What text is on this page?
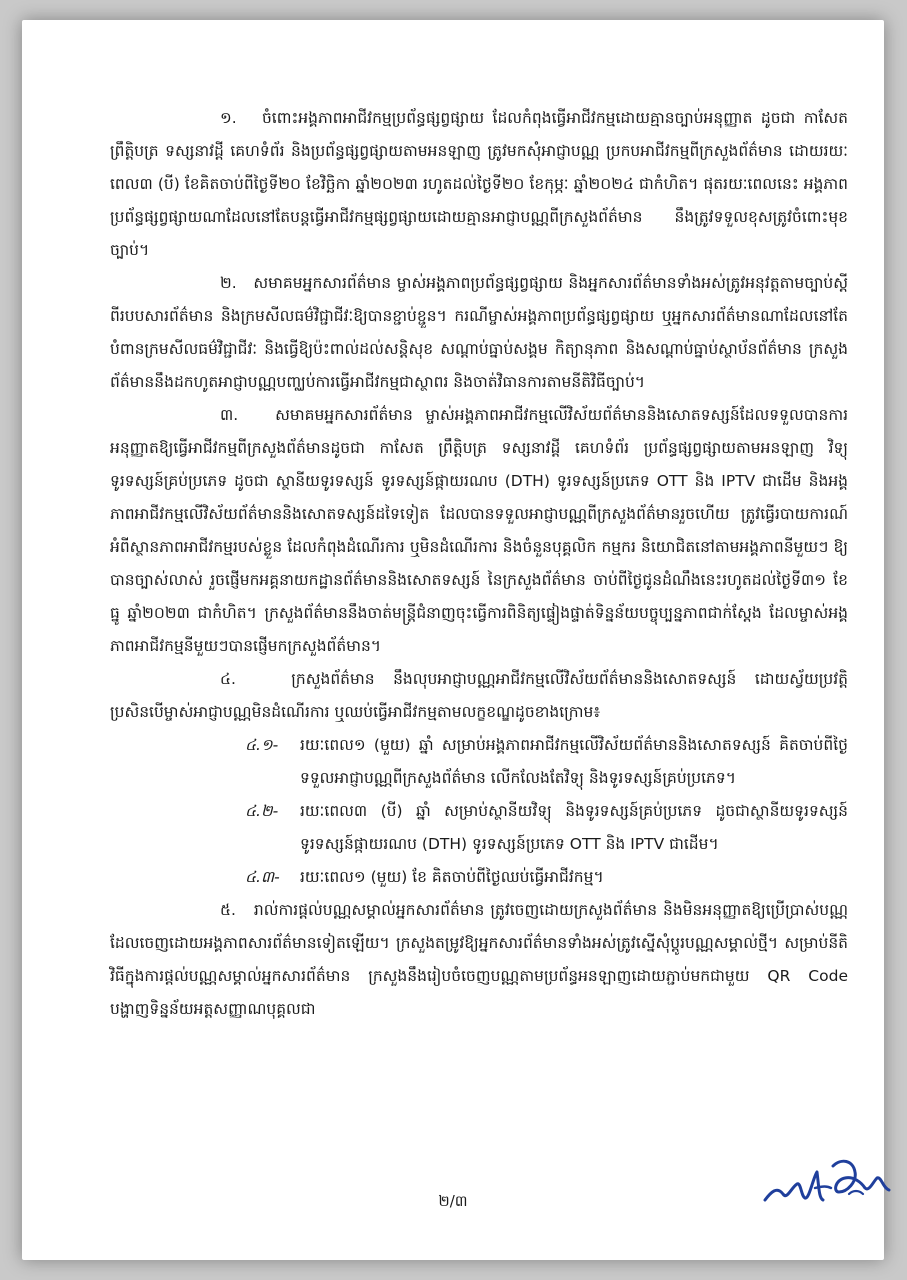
១. ចំពោះអង្គភាពអាជីវកម្មប្រព័ន្ធផ្សព្វផ្សាយ ដែលកំពុងធ្វើអាជីវកម្មដោយគ្មានច្បាប់អនុញ្ញាត ដូចជា កាសែត ព្រឹត្តិបត្រ ទស្សនាវដ្តី គេហទំព័រ និងប្រព័ន្ធផ្សព្វផ្សាយតាមអនឡាញ ត្រូវមកសុំអាជ្ញាបណ្ណ ប្រកបអាជីវកម្មពីក្រសួងព័ត៌មាន ដោយរយៈពេល៣ (បី) ខែគិតចាប់ពីថ្ងៃទី២០ ខែវិច្ឆិកា ឆ្នាំ២០២៣ រហូតដល់ថ្ងៃទី២០ ខែកុម្ភៈ ឆ្នាំ២០២៤ ជាកំហិត។ ផុតរយៈពេលនេះ អង្គភាពប្រព័ន្ធផ្សព្វផ្សាយណាដែលនៅតែបន្តធ្វើអាជីវកម្មផ្សព្វផ្សាយដោយគ្មានអាជ្ញាបណ្ណពីក្រសួងព័ត៌មាន នឹងត្រូវទទួលខុសត្រូវចំពោះមុខច្បាប់។

២. សមាគមអ្នកសារព័ត៌មាន ម្ចាស់អង្គភាពប្រព័ន្ធផ្សព្វផ្សាយ និងអ្នកសារព័ត៌មានទាំងអស់ត្រូវអនុវត្តតាមច្បាប់ស្តីពីរបបសារព័ត៌មាន និងក្រមសីលធម៌វិជ្ជាជីវៈឱ្យបានខ្ជាប់ខ្ជួន។ ករណីម្ចាស់អង្គភាពប្រព័ន្ធផ្សព្វផ្សាយ ឬអ្នកសារព័ត៌មានណាដែលនៅតែបំពានក្រមសីលធម៌វិជ្ជាជីវៈ និងធ្វើឱ្យប៉ះពាល់ដល់សន្តិសុខ សណ្តាប់ធ្នាប់សង្គម កិត្យានុភាព និងសណ្តាប់ធ្នាប់ស្ថាប័នព័ត៌មាន ក្រសួងព័ត៌មាននឹងដកហូតអាជ្ញាបណ្ណបញ្ឈប់ការធ្វើអាជីវកម្មជាស្ថាពរ និងចាត់វិធានការតាមនីតិវិធីច្បាប់។

៣. សមាគមអ្នកសារព័ត៌មាន ម្ចាស់អង្គភាពអាជីវកម្មលើវិស័យព័ត៌មាននិងសោតទស្សន៍ដែលទទួលបានការអនុញ្ញាតឱ្យធ្វើអាជីវកម្មពីក្រសួងព័ត៌មានដូចជា កាសែត ព្រឹត្តិបត្រ ទស្សនាវដ្តី គេហទំព័រ ប្រព័ន្ធផ្សព្វផ្សាយតាមអនឡាញ វិទ្យុ ទូរទស្សន៍គ្រប់ប្រភេទ ដូចជា ស្ថានីយទូរទស្សន៍ ទូរទស្សន៍ផ្កាយរណប (DTH) ទូរទស្សន៍ប្រភេទ OTT និង IPTV ជាដើម និងអង្គភាពអាជីវកម្មលើវិស័យព័ត៌មាននិងសោតទស្សន៍ដទៃទៀត ដែលបានទទួលអាជ្ញាបណ្ណពីក្រសួងព័ត៌មានរួចហើយ ត្រូវធ្វើរបាយការណ៍អំពីស្ថានភាពអាជីវកម្មរបស់ខ្លួន ដែលកំពុងដំណើរការ ឬមិនដំណើរការ និងចំនួនបុគ្គលិក កម្មករ និយោជិតនៅតាមអង្គភាពនីមួយៗ ឱ្យបានច្បាស់លាស់ រួចផ្ញើមកអគ្គនាយកដ្ឋានព័ត៌មាននិងសោតទស្សន៍ នៃក្រសួងព័ត៌មាន ចាប់ពីថ្ងៃជូនដំណឹងនេះរហូតដល់ថ្ងៃទី៣១ ខែធ្នូ ឆ្នាំ២០២៣ ជាកំហិត។ ក្រសួងព័ត៌មាននឹងចាត់មន្ត្រីជំនាញចុះធ្វើការពិនិត្យផ្ទៀងផ្ទាត់ទិន្នន័យបច្ចុប្បន្នភាពជាក់ស្តែង ដែលម្ចាស់អង្គភាពអាជីវកម្មនីមួយៗបានផ្ញើមកក្រសួងព័ត៌មាន។

៤.	ក្រសួងព័ត៌មាន នឹងលុបអាជ្ញាបណ្ណអាជីវកម្មលើវិស័យព័ត៌មាននិងសោតទស្សន៍ ដោយស្វ័យប្រវត្តិ ប្រសិនបើម្ចាស់អាជ្ញាបណ្ណមិនដំណើរការ ឬឈប់ធ្វើអាជីវកម្មតាមលក្ខខណ្ឌដូចខាងក្រោម៖

៤.១-	រយៈពេល១ (មួយ) ឆ្នាំ សម្រាប់អង្គភាពអាជីវកម្មលើវិស័យព័ត៌មាននិងសោតទស្សន៍ គិតចាប់ពីថ្ងៃទទួលអាជ្ញាបណ្ណពីក្រសួងព័ត៌មាន លើកលែងតែវិទ្យុ និងទូរទស្សន៍គ្រប់ប្រភេទ។
៤.២-	រយៈពេល៣ (បី) ឆ្នាំ សម្រាប់ស្ថានីយវិទ្យុ និងទូរទស្សន៍គ្រប់ប្រភេទ ដូចជាស្ថានីយទូរទស្សន៍ ទូរទស្សន៍ផ្កាយរណប (DTH) ទូរទស្សន៍ប្រភេទ OTT និង IPTV ជាដើម។
៤.៣-	រយៈពេល១ (មួយ) ខែ គិតចាប់ពីថ្ងៃឈប់ធ្វើអាជីវកម្ម។

៥. រាល់ការផ្តល់បណ្ណសម្គាល់អ្នកសារព័ត៌មាន ត្រូវចេញដោយក្រសួងព័ត៌មាន និងមិនអនុញ្ញាតឱ្យប្រើប្រាស់បណ្ណដែលចេញដោយអង្គភាពសារព័ត៌មានទៀតឡើយ។ ក្រសួងតម្រូវឱ្យអ្នកសារព័ត៌មានទាំងអស់ត្រូវស្នើសុំប្តូរបណ្ណសម្គាល់ថ្មី។ សម្រាប់នីតិវិធីក្នុងការផ្តល់បណ្ណសម្គាល់អ្នកសារព័ត៌មាន ក្រសួងនឹងរៀបចំចេញបណ្ណតាមប្រព័ន្ធអនឡាញដោយភ្ជាប់មកជាមួយ QR Code បង្ហាញទិន្នន័យអត្តសញ្ញាណបុគ្គលជា

២/៣
